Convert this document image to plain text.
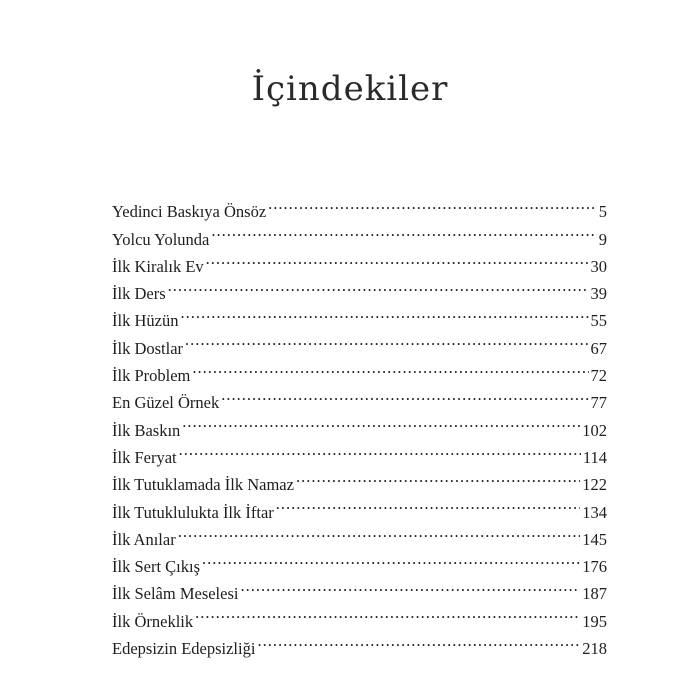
İçindekiler
Yedinci Baskıya Önsöz .....	5
Yolcu Yolunda .....	9
İlk Kiralık Ev .....	30
İlk Ders .....	39
İlk Hüzün .....	55
İlk Dostlar .....	67
İlk Problem .....	72
En Güzel Örnek .....	77
İlk Baskın .....	102
İlk Feryat .....	114
İlk Tutuklamada İlk Namaz .....	122
İlk Tutuklulukta İlk İftar .....	134
İlk Anılar .....	145
İlk Sert Çıkış .....	176
İlk Selâm Meselesi .....	187
İlk Örneklik .....	195
Edepsizin Edepsizliği .....	218
